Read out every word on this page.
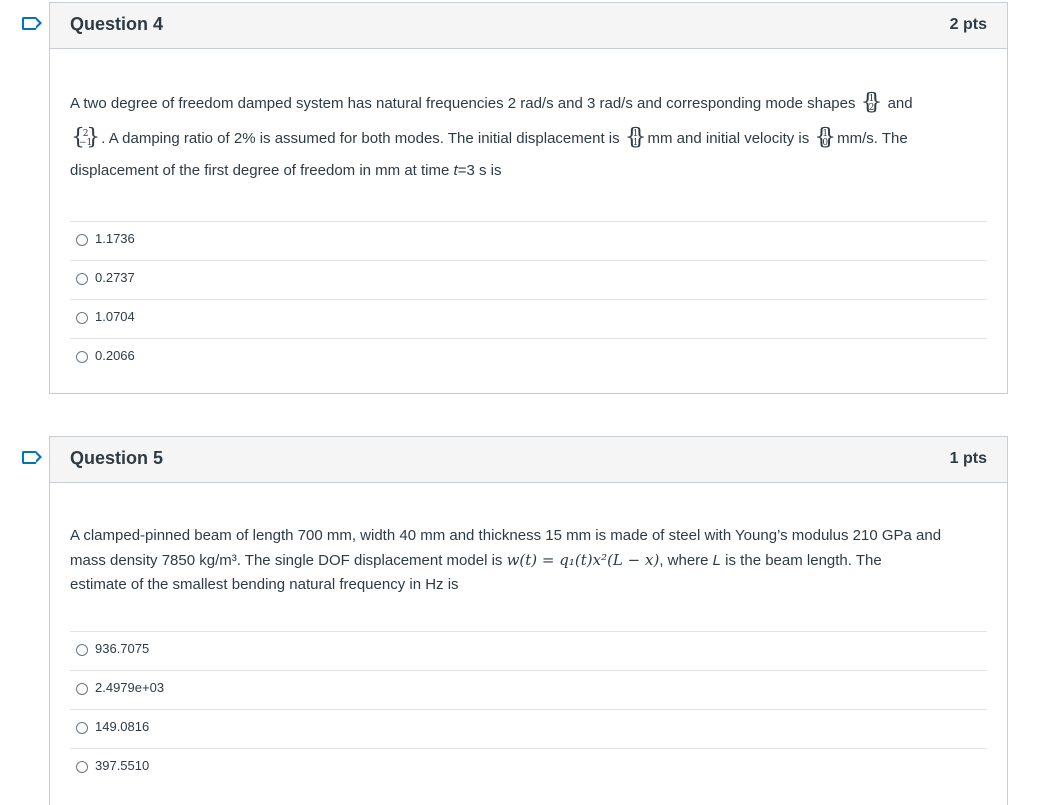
Question 4	2 pts
A two degree of freedom damped system has natural frequencies 2 rad/s and 3 rad/s and corresponding mode shapes { 1
2
} and
{ 2
−1
} . A damping ratio of 2% is assumed for both modes. The initial displacement is { 1
1
} mm and initial velocity is { 1
0
} mm/s. The
displacement of the first degree of freedom in mm at time t=3 s is
1.1736
0.2737
1.0704
0.2066
Question 5	1 pts
A clamped-pinned beam of length 700 mm, width 40 mm and thickness 15 mm is made of steel with Young’s modulus 210 GPa and
mass density 7850 kg/m³. The single DOF displacement model is w(t) = q₁(t)x²(L − x), where L is the beam length. The
estimate of the smallest bending natural frequency in Hz is
936.7075
2.4979e+03
149.0816
397.5510
